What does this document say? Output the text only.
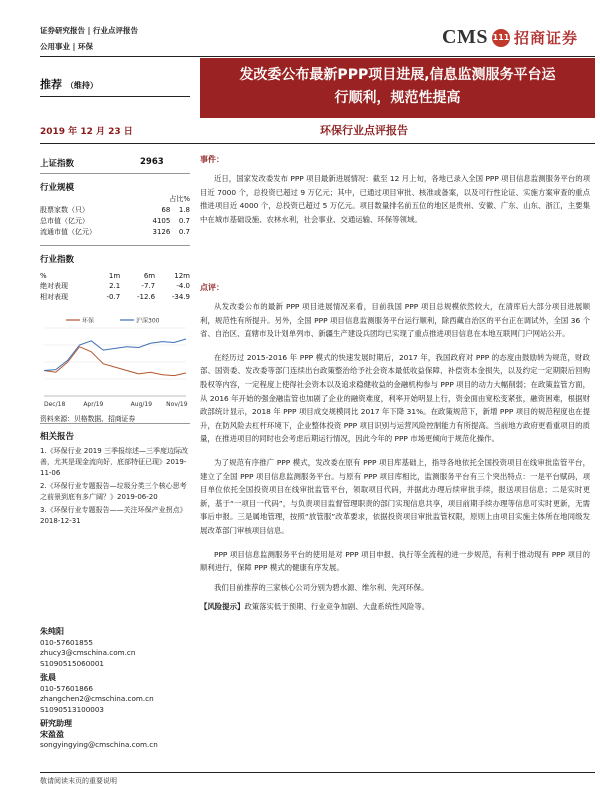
证券研究报告 | 行业点评报告
公用事业 | 环保	CMS 111 招商证券
推荐 （维持）
发改委公布最新PPP项目进展,信息监测服务平台运
行顺利，规范性提高
2019 年 12 月 23 日	环保行业点评报告
上证指数	2963
行业规模
占比%
股票家数（只）	68	1.8
总市值（亿元）	4105	0.7
流通市值（亿元）	3126	0.7
行业指数
%	1m	6m	12m
绝对表现	2.1	-7.7	-4.0
相对表现	-0.7	-12.6	-34.9
环保	沪深300
Dec/18	Apr/19	Aug/19 Nov/19
资料来源：贝格数据、招商证券
相关报告
1.《环保行业 2019 三季报综述—三季度边际改善，尤其是现金流向好，底部特征已现》2019-11-06
2.《环保行业专题报告—垃圾分类三个核心思考之前景到底有多广阔？》2019-06-20
3.《环保行业专题报告——关注环保产业拐点》2018-12-31
朱纯阳
010-57601855
zhucy3@cmschina.com.cn
S1090515060001
张晨
010-57601866
zhangchen2@cmschina.com.cn
S1090513100003
研究助理
宋盈盈
songyingying@cmschina.com.cn
事件：

近日，国家发改委发布 PPP 项目最新进展情况：截至 12 月上旬，各地已录入全国 PPP 项目信息监测服务平台的项目近 7000 个，总投资已超过 9 万亿元；其中，已通过项目审批、核准或备案，以及可行性论证、实施方案审查的重点推进项目近 4000 个，总投资已超过 5 万亿元。项目数量排名前五位的地区是贵州、安徽、广东、山东、浙江，主要集中在城市基础设施、农林水利，社会事业、交通运输、环保等领域。

点评：

从发改委公布的最新 PPP 项目进展情况来看，目前我国 PPP 项目总规模依然较大，在清库后大部分项目进展顺利，规范性有所提升。另外，全国 PPP 项目信息监测服务平台运行顺利，除西藏自治区的平台正在调试外，全国 36 个省、自治区、直辖市及计划单列市、新疆生产建设兵团均已实现了重点推进项目信息在本地互联网门户网站公开。

在经历过 2015-2016 年 PPP 模式的快速发展时期后，2017 年，我国政府对 PPP 的态度由鼓励转为规范，财政部、国资委、发改委等部门连续出台政策整治给予社会资本最低收益保障、补偿资本金损失，以及约定一定期限后回购股权等内容，一定程度上使得社会资本以及追求稳健收益的金融机构参与 PPP 项目的动力大幅削弱；在政策监管方面，从 2016 年开始的强金融监管也加剧了企业的融资难度，利率开始明显上行，资金面由宽松变紧张，融资困难，根据财政部统计显示，2018 年 PPP 项目成交规模同比 2017 年下降 31%。在政策规范下，新增 PPP 项目的规范程度也在提升，在防风险去杠杆环境下，企业整体投资 PPP 项目识别与运营风险控制能力有所提高。当前地方政府更看重项目的质量，在推进项目的同时也会考虑后期运行情况，因此今年的 PPP 市场更倾向于规范化操作。

为了规范有序推广 PPP 模式，发改委在原有 PPP 项目库基础上，指导各地依托全国投资项目在线审批监管平台，建立了全国 PPP 项目信息监测服务平台。与原有 PPP 项目库相比，监测服务平台有三个突出特点：一是平台赋码，项目单位依托全国投资项目在线审批监管平台，领取项目代码，并据此办理后续审批手续，报送项目信息；二是实时更新，基于“一项目一代码”，与负责项目监督管理职责的部门实现信息共享，项目前期手续办理等信息可实时更新，无需事后申报。三是属地管理，按照“放管服”改革要求，依据投资项目审批监管权限，原则上由项目实施主体所在地同级发展改革部门审核项目信息。

PPP 项目信息监测服务平台的使用是对 PPP 项目申报、执行等全流程的进一步规范，有利于推动现有 PPP 项目的顺利进行，保障 PPP 模式的健康有序发展。

我们目前推荐的三家核心公司分别为碧水源、维尔利、先河环保。

【风险提示】政策落实低于预期、行业竞争加剧、大盘系统性风险等。
敬请阅读末页的重要说明
